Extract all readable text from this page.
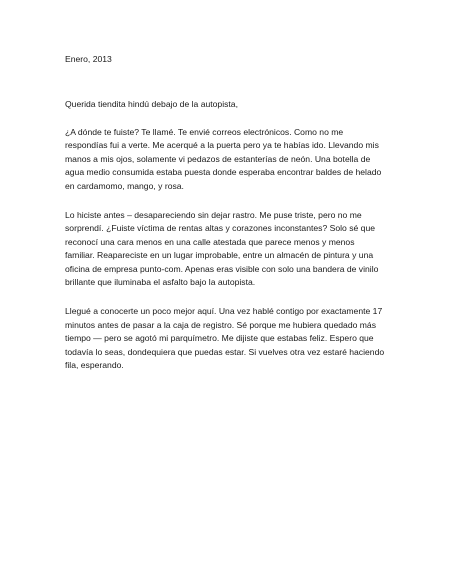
Enero, 2013

Querida tiendita hindú debajo de la autopista,

¿A dónde te fuiste? Te llamé. Te envié correos electrónicos. Como no me
respondías fui a verte. Me acerqué a la puerta pero ya te habías ido. Llevando mis
manos a mis ojos, solamente vi pedazos de estanterías de neón. Una botella de
agua medio consumida estaba puesta donde esperaba encontrar baldes de helado
en cardamomo, mango, y rosa.

Lo hiciste antes – desapareciendo sin dejar rastro. Me puse triste, pero no me
sorprendí. ¿Fuiste víctima de rentas altas y corazones inconstantes? Solo sé que
reconocí una cara menos en una calle atestada que parece menos y menos
familiar. Reapareciste en un lugar improbable, entre un almacén de pintura y una
oficina de empresa punto-com. Apenas eras visible con solo una bandera de vinilo
brillante que iluminaba el asfalto bajo la autopista.

Llegué a conocerte un poco mejor aquí. Una vez hablé contigo por exactamente 17
minutos antes de pasar a la caja de registro. Sé porque me hubiera quedado más
tiempo — pero se agotó mi parquímetro. Me dijiste que estabas feliz. Espero que
todavía lo seas, dondequiera que puedas estar. Si vuelves otra vez estaré haciendo
fila, esperando.
